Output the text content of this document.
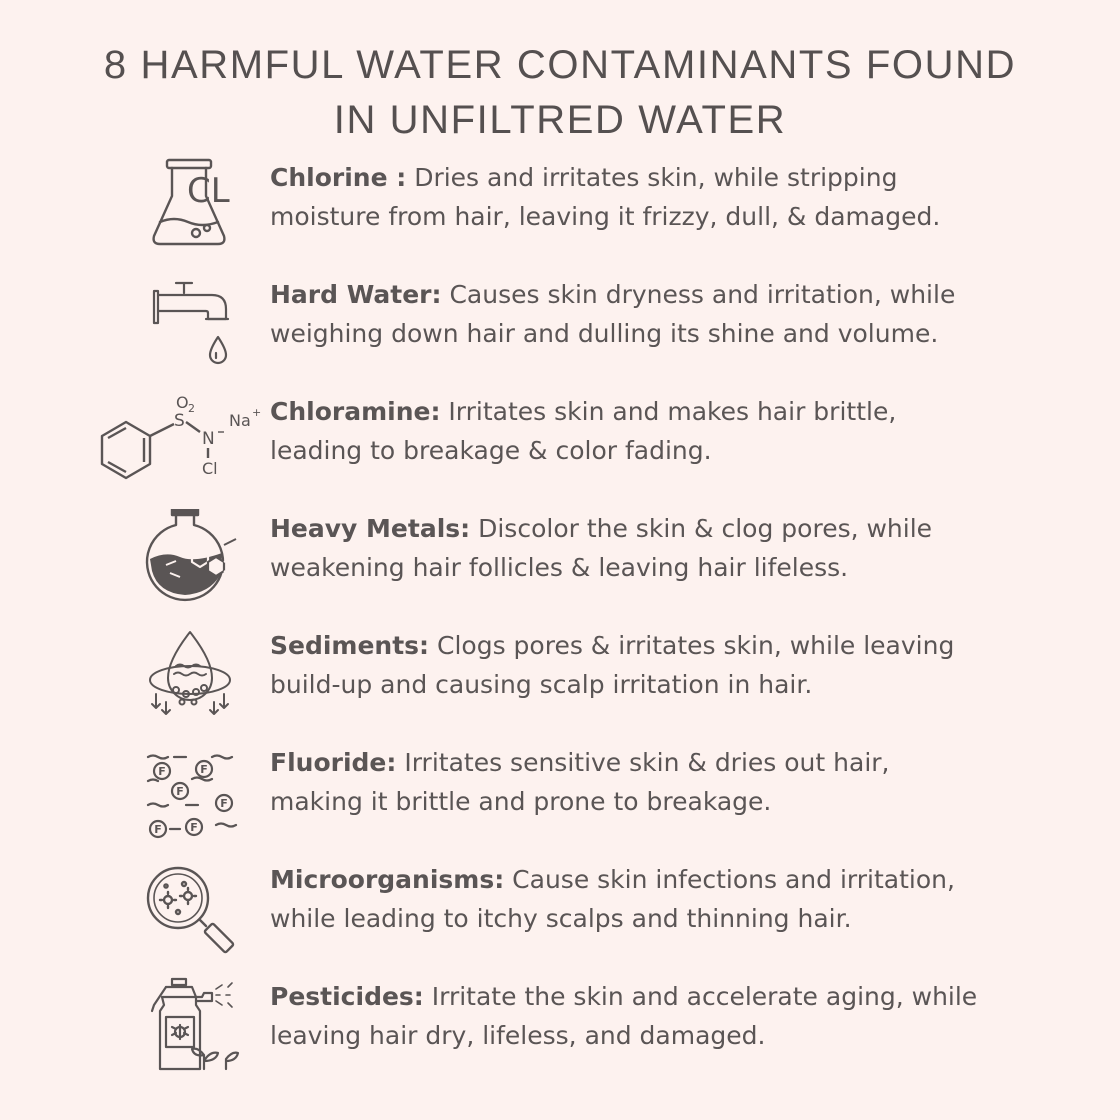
8 HARMFUL WATER CONTAMINANTS FOUND
IN UNFILTRED WATER
CL Chlorine : Dries and irritates skin, while stripping moisture from hair, leaving it frizzy, dull, & damaged.

Hard Water: Causes skin dryness and irritation, while weighing down hair and dulling its shine and volume.

O 2
S
N
Cl
Na + Chloramine: Irritates skin and makes hair brittle, leading to breakage & color fading.

Heavy Metals: Discolor the skin & clog pores, while weakening hair follicles & leaving hair lifeless.

Sediments: Clogs pores & irritates skin, while leaving build-up and causing scalp irritation in hair.

F	F
F
F
F	F

Fluoride: Irritates sensitive skin & dries out hair, making it brittle and prone to breakage.

Microorganisms: Cause skin infections and irritation, while leading to itchy scalps and thinning hair.

Pesticides: Irritate the skin and accelerate aging, while leaving hair dry, lifeless, and damaged.
